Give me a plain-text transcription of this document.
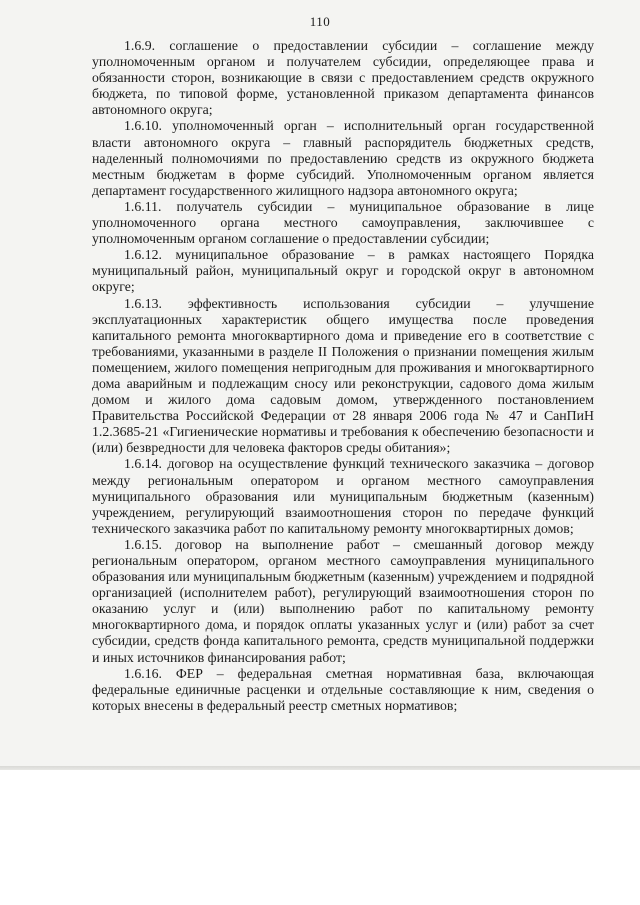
110

1.6.9. соглашение о предоставлении субсидии – соглашение между уполномоченным органом и получателем субсидии, определяющее права и обязанности сторон, возникающие в связи с предоставлением средств окружного бюджета, по типовой форме, установленной приказом департамента финансов автономного округа;

1.6.10. уполномоченный орган – исполнительный орган государственной власти автономного округа – главный распорядитель бюджетных средств, наделенный полномочиями по предоставлению средств из окружного бюджета местным бюджетам в форме субсидий. Уполномоченным органом является департамент государственного жилищного надзора автономного округа;

1.6.11. получатель субсидии – муниципальное образование в лице уполномоченного органа местного самоуправления, заключившее с уполномоченным органом соглашение о предоставлении субсидии;

1.6.12. муниципальное образование – в рамках настоящего Порядка муниципальный район, муниципальный округ и городской округ в автономном округе;

1.6.13. эффективность использования субсидии – улучшение эксплуатационных характеристик общего имущества после проведения капитального ремонта многоквартирного дома и приведение его в соответствие с требованиями, указанными в разделе II Положения о признании помещения жилым помещением, жилого помещения непригодным для проживания и многоквартирного дома аварийным и подлежащим сносу или реконструкции, садового дома жилым домом и жилого дома садовым домом, утвержденного постановлением Правительства Российской Федерации от 28 января 2006 года № 47 и СанПиН 1.2.3685-21 «Гигиенические нормативы и требования к обеспечению безопасности и (или) безвредности для человека факторов среды обитания»;

1.6.14. договор на осуществление функций технического заказчика – договор между региональным оператором и органом местного самоуправления муниципального образования или муниципальным бюджетным (казенным) учреждением, регулирующий взаимоотношения сторон по передаче функций технического заказчика работ по капитальному ремонту многоквартирных домов;

1.6.15. договор на выполнение работ – смешанный договор между региональным оператором, органом местного самоуправления муниципального образования или муниципальным бюджетным (казенным) учреждением и подрядной организацией (исполнителем работ), регулирующий взаимоотношения сторон по оказанию услуг и (или) выполнению работ по капитальному ремонту многоквартирного дома, и порядок оплаты указанных услуг и (или) работ за счет субсидии, средств фонда капитального ремонта, средств муниципальной поддержки и иных источников финансирования работ;

1.6.16. ФЕР – федеральная сметная нормативная база, включающая федеральные единичные расценки и отдельные составляющие к ним, сведения о которых внесены в федеральный реестр сметных нормативов;
